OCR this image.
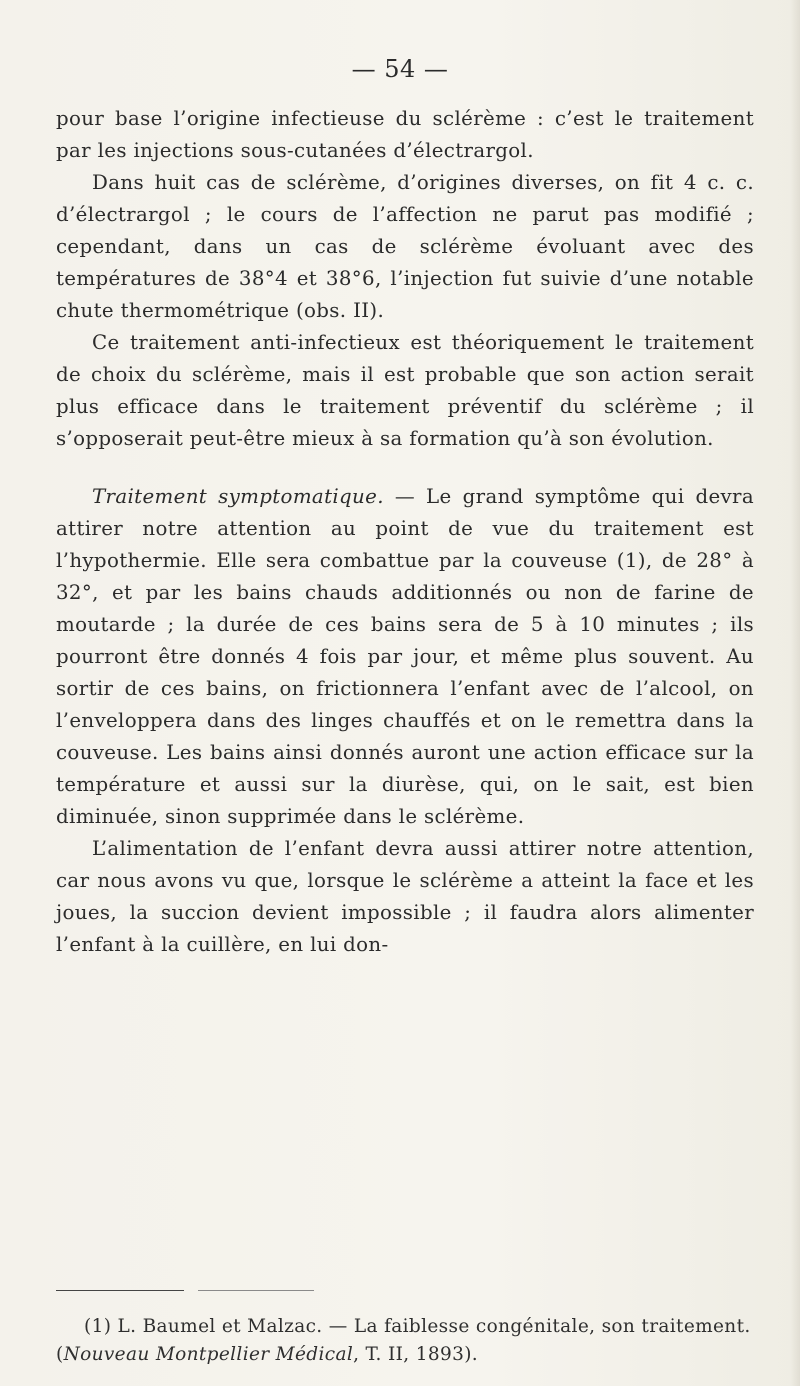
— 54 —

pour base l’origine infectieuse du sclérème : c’est le traitement par les injections sous-cutanées d’électrargol.

Dans huit cas de sclérème, d’origines diverses, on fit 4 c. c. d’électrargol ; le cours de l’affection ne parut pas modifié ; cependant, dans un cas de sclérème évoluant avec des températures de 38°4 et 38°6, l’injection fut suivie d’une notable chute thermométrique (obs. II).

Ce traitement anti-infectieux est théoriquement le traitement de choix du sclérème, mais il est probable que son action serait plus efficace dans le traitement préventif du sclérème ; il s’opposerait peut-être mieux à sa formation qu’à son évolution.

Traitement symptomatique. — Le grand symptôme qui devra attirer notre attention au point de vue du traitement est l’hypothermie. Elle sera combattue par la couveuse (1), de 28° à 32°, et par les bains chauds additionnés ou non de farine de moutarde ; la durée de ces bains sera de 5 à 10 minutes ; ils pourront être donnés 4 fois par jour, et même plus souvent. Au sortir de ces bains, on frictionnera l’enfant avec de l’alcool, on l’enveloppera dans des linges chauffés et on le remettra dans la couveuse. Les bains ainsi donnés auront une action efficace sur la température et aussi sur la diurèse, qui, on le sait, est bien diminuée, sinon supprimée dans le sclérème.

L’alimentation de l’enfant devra aussi attirer notre attention, car nous avons vu que, lorsque le sclérème a atteint la face et les joues, la succion devient impossible ; il faudra alors alimenter l’enfant à la cuillère, en lui don-

(1) L. Baumel et Malzac. — La faiblesse congénitale, son traitement. (Nouveau Montpellier Médical, T. II, 1893).
